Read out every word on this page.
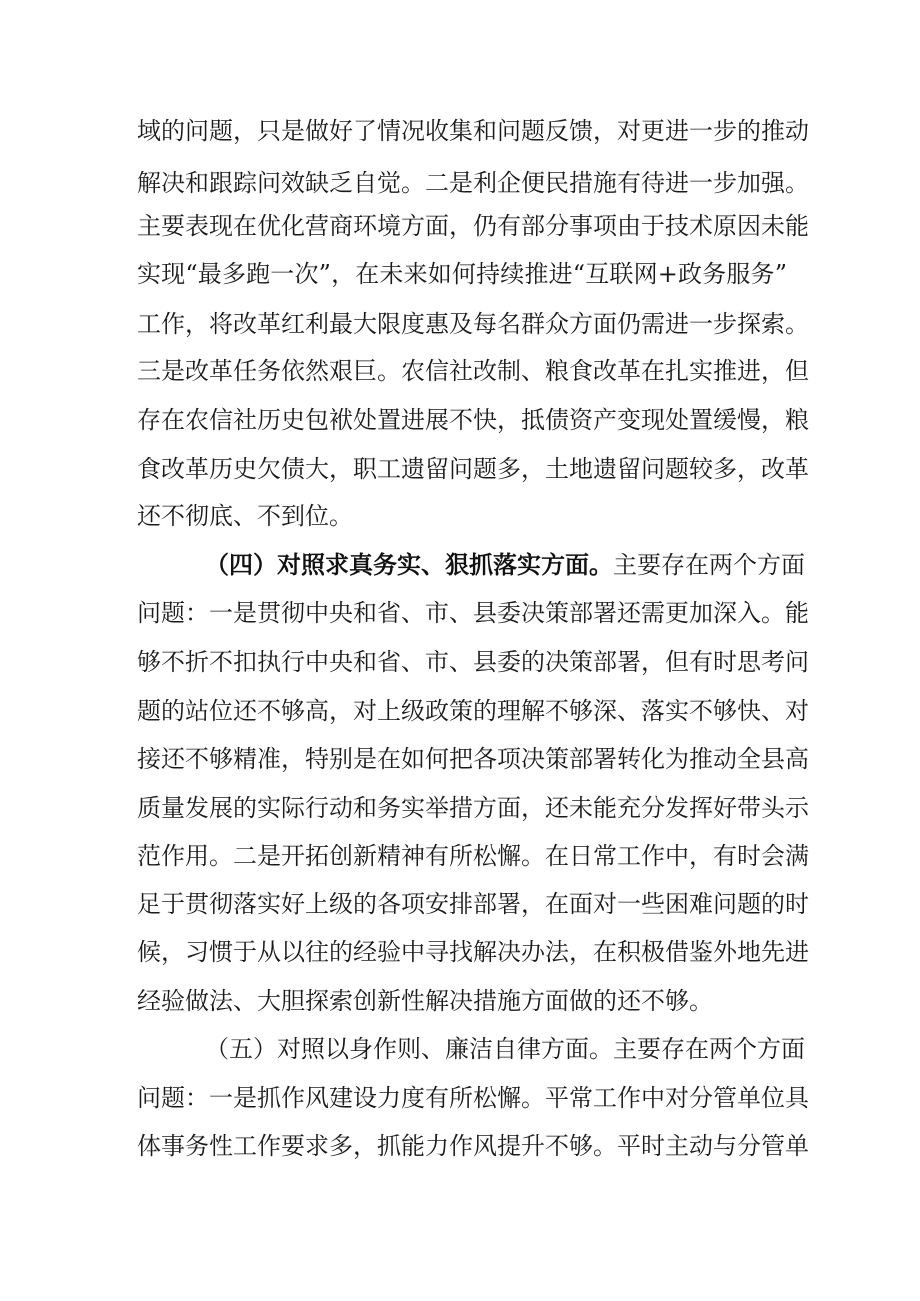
域的问题，只是做好了情况收集和问题反馈，对更进一步的推动
解决和跟踪问效缺乏自觉。二是利企便民措施有待进一步加强。
主要表现在优化营商环境方面，仍有部分事项由于技术原因未能
实现“最多跑一次”，在未来如何持续推进“互联网+政务服务”
工作，将改革红利最大限度惠及每名群众方面仍需进一步探索。
三是改革任务依然艰巨。农信社改制、粮食改革在扎实推进，但
存在农信社历史包袱处置进展不快，抵债资产变现处置缓慢，粮
食改革历史欠债大，职工遗留问题多，土地遗留问题较多，改革
还不彻底、不到位。
（四）对照求真务实、狠抓落实方面。主要存在两个方面
问题：一是贯彻中央和省、市、县委决策部署还需更加深入。能
够不折不扣执行中央和省、市、县委的决策部署，但有时思考问
题的站位还不够高，对上级政策的理解不够深、落实不够快、对
接还不够精准，特别是在如何把各项决策部署转化为推动全县高
质量发展的实际行动和务实举措方面，还未能充分发挥好带头示
范作用。二是开拓创新精神有所松懈。在日常工作中，有时会满
足于贯彻落实好上级的各项安排部署，在面对一些困难问题的时
候，习惯于从以往的经验中寻找解决办法，在积极借鉴外地先进
经验做法、大胆探索创新性解决措施方面做的还不够。
（五）对照以身作则、廉洁自律方面。主要存在两个方面
问题：一是抓作风建设力度有所松懈。平常工作中对分管单位具
体事务性工作要求多，抓能力作风提升不够。平时主动与分管单
